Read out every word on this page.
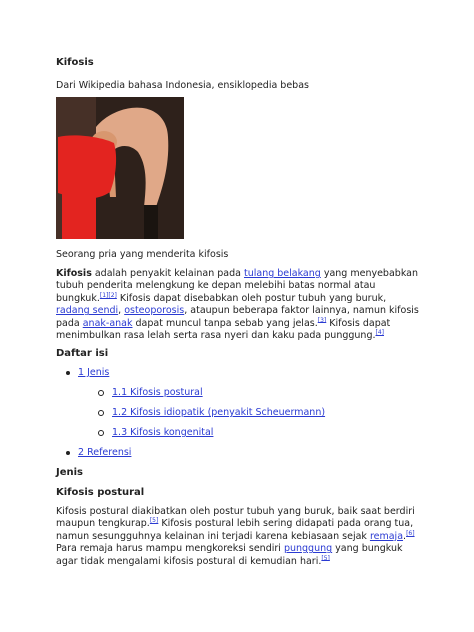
Kifosis
Dari Wikipedia bahasa Indonesia, ensiklopedia bebas
Seorang pria yang menderita kifosis
Kifosis adalah penyakit kelainan pada tulang belakang yang menyebabkan tubuh penderita melengkung ke depan melebihi batas normal atau bungkuk.[1][2] Kifosis dapat disebabkan oleh postur tubuh yang buruk, radang sendi, osteoporosis, ataupun beberapa faktor lainnya, namun kifosis pada anak-anak dapat muncul tanpa sebab yang jelas.[3] Kifosis dapat menimbulkan rasa lelah serta rasa nyeri dan kaku pada punggung.[4]
Daftar isi
1 Jenis
1.1 Kifosis postural
1.2 Kifosis idiopatik (penyakit Scheuermann)
1.3 Kifosis kongenital
2 Referensi
Jenis
Kifosis postural
Kifosis postural diakibatkan oleh postur tubuh yang buruk, baik saat berdiri maupun tengkurap.[5] Kifosis postural lebih sering didapati pada orang tua, namun sesungguhnya kelainan ini terjadi karena kebiasaan sejak remaja.[6] Para remaja harus mampu mengkoreksi sendiri punggung yang bungkuk agar tidak mengalami kifosis postural di kemudian hari.[5]
